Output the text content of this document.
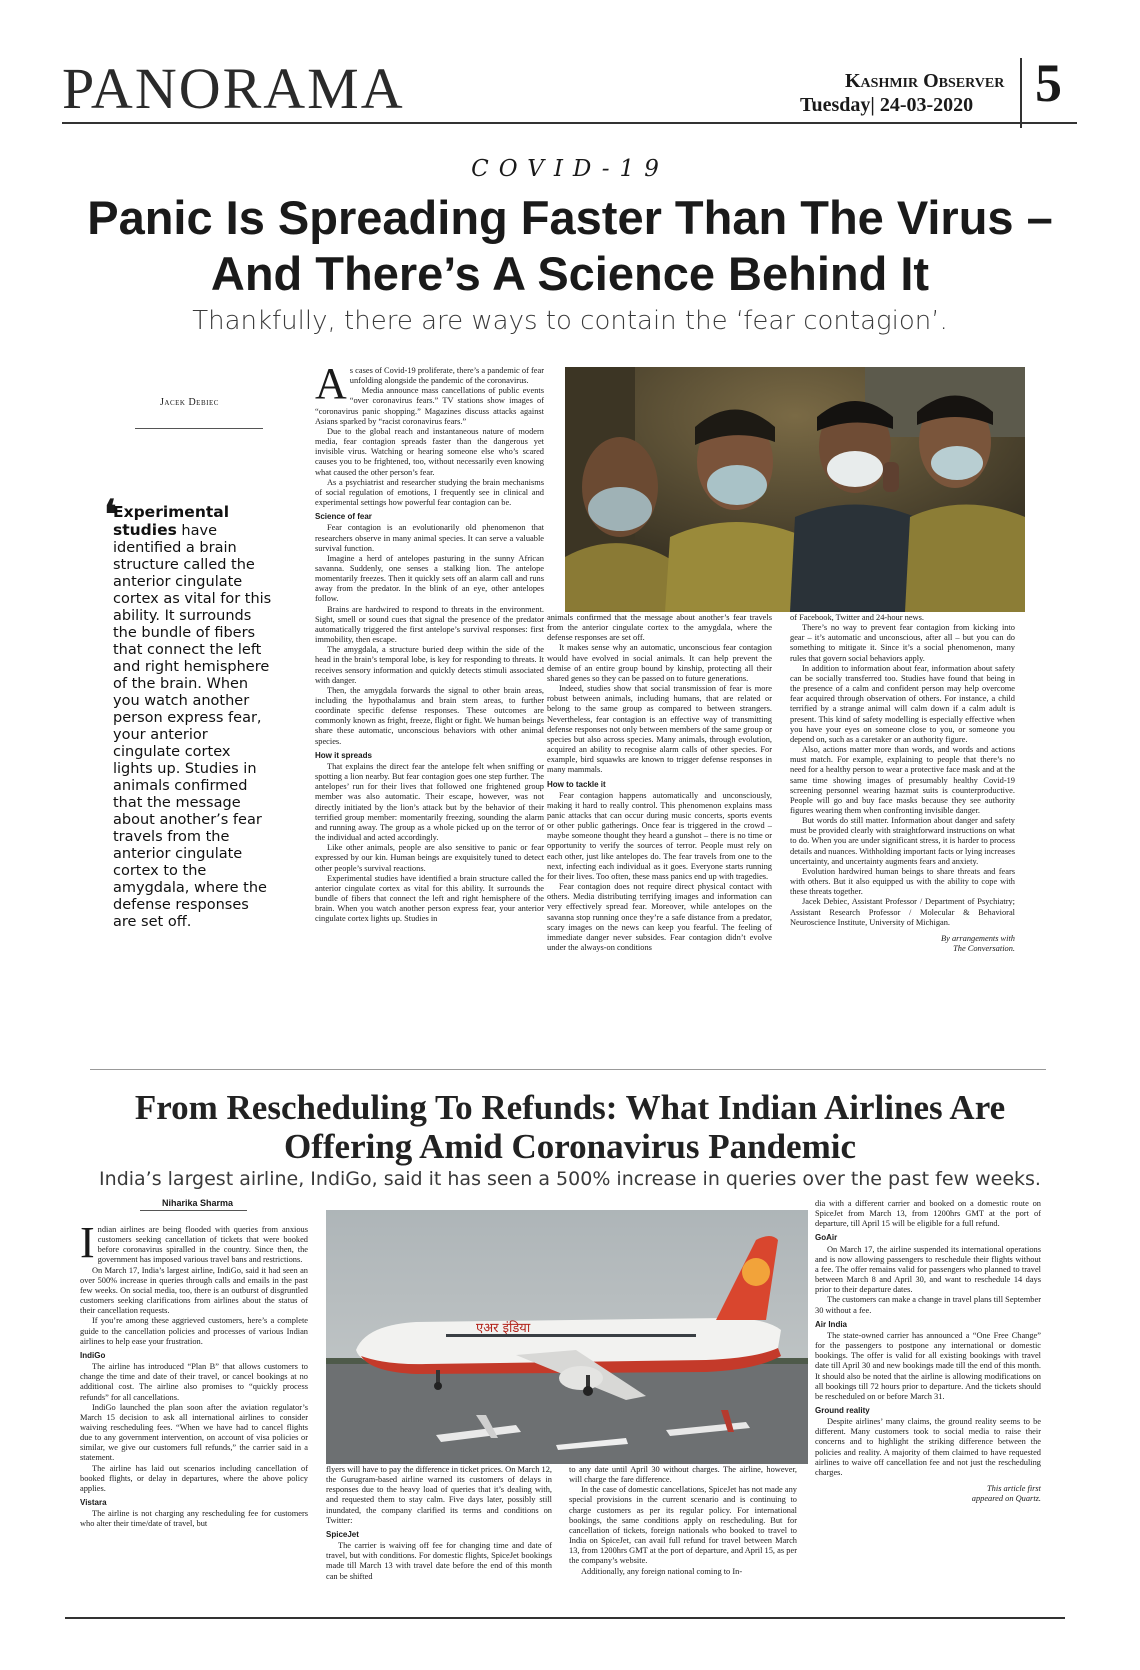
PANORAMA	Kashmir Observer
Tuesday| 24-03-2020 5
COVID-19
Panic Is Spreading Faster Than The Virus – And There’s A Science Behind It
Thankfully, there are ways to contain the ‘fear contagion’.
Jacek Debiec
❛
Experimental studies have identified a brain structure called the anterior cingulate cortex as vital for this ability. It surrounds the bundle of fibers that connect the left and right hemisphere of the brain. When you watch another person express fear, your anterior cingulate cortex lights up. Studies in animals confirmed that the message about another’s fear travels from the anterior cingulate cortex to the amygdala, where the defense responses are set off.

As cases of Covid-19 proliferate, there’s a pandemic of fear unfolding alongside the pandemic of the coronavirus.

Media announce mass cancellations of public events “over coronavirus fears.” TV stations show images of “coronavirus panic shopping.” Magazines discuss attacks against Asians sparked by “racist coronavirus fears.”

Due to the global reach and instantaneous nature of modern media, fear contagion spreads faster than the dangerous yet invisible virus. Watching or hearing someone else who’s scared causes you to be frightened, too, without necessarily even knowing what caused the other person’s fear.

As a psychiatrist and researcher studying the brain mechanisms of social regulation of emotions, I frequently see in clinical and experimental settings how powerful fear contagion can be.

Science of fear

Fear contagion is an evolutionarily old phenomenon that researchers observe in many animal species. It can serve a valuable survival function.

Imagine a herd of antelopes pasturing in the sunny African savanna. Suddenly, one senses a stalking lion. The antelope momentarily freezes. Then it quickly sets off an alarm call and runs away from the predator. In the blink of an eye, other antelopes follow.

Brains are hardwired to respond to threats in the environment. Sight, smell or sound cues that signal the presence of the predator automatically triggered the first antelope’s survival responses: first immobility, then escape.

The amygdala, a structure buried deep within the side of the head in the brain’s temporal lobe, is key for responding to threats. It receives sensory information and quickly detects stimuli associated with danger.

Then, the amygdala forwards the signal to other brain areas, including the hypothalamus and brain stem areas, to further coordinate specific defense responses. These outcomes are commonly known as fright, freeze, flight or fight. We human beings share these automatic, unconscious behaviors with other animal species.

How it spreads

That explains the direct fear the antelope felt when sniffing or spotting a lion nearby. But fear contagion goes one step further. The antelopes’ run for their lives that followed one frightened group member was also automatic. Their escape, however, was not directly initiated by the lion’s attack but by the behavior of their terrified group member: momentarily freezing, sounding the alarm and running away. The group as a whole picked up on the terror of the individual and acted accordingly.

Like other animals, people are also sensitive to panic or fear expressed by our kin. Human beings are exquisitely tuned to detect other people’s survival reactions.

Experimental studies have identified a brain structure called the anterior cingulate cortex as vital for this ability. It surrounds the bundle of fibers that connect the left and right hemisphere of the brain. When you watch another person express fear, your anterior cingulate cortex lights up. Studies in

animals confirmed that the message about another’s fear travels from the anterior cingulate cortex to the amygdala, where the defense responses are set off.

It makes sense why an automatic, unconscious fear contagion would have evolved in social animals. It can help prevent the demise of an entire group bound by kinship, protecting all their shared genes so they can be passed on to future generations.

Indeed, studies show that social transmission of fear is more robust between animals, including humans, that are related or belong to the same group as compared to between strangers. Nevertheless, fear contagion is an effective way of transmitting defense responses not only between members of the same group or species but also across species. Many animals, through evolution, acquired an ability to recognise alarm calls of other species. For example, bird squawks are known to trigger defense responses in many mammals.

How to tackle it

Fear contagion happens automatically and unconsciously, making it hard to really control. This phenomenon explains mass panic attacks that can occur during music concerts, sports events or other public gatherings. Once fear is triggered in the crowd – maybe someone thought they heard a gunshot – there is no time or opportunity to verify the sources of terror. People must rely on each other, just like antelopes do. The fear travels from one to the next, infecting each individual as it goes. Everyone starts running for their lives. Too often, these mass panics end up with tragedies.

Fear contagion does not require direct physical contact with others. Media distributing terrifying images and information can very effectively spread fear. Moreover, while antelopes on the savanna stop running once they’re a safe distance from a predator, scary images on the news can keep you fearful. The feeling of immediate danger never subsides. Fear contagion didn’t evolve under the always-on conditions

of Facebook, Twitter and 24-hour news.

There’s no way to prevent fear contagion from kicking into gear – it’s automatic and unconscious, after all – but you can do something to mitigate it. Since it’s a social phenomenon, many rules that govern social behaviors apply.

In addition to information about fear, information about safety can be socially transferred too. Studies have found that being in the presence of a calm and confident person may help overcome fear acquired through observation of others. For instance, a child terrified by a strange animal will calm down if a calm adult is present. This kind of safety modelling is especially effective when you have your eyes on someone close to you, or someone you depend on, such as a caretaker or an authority figure.

Also, actions matter more than words, and words and actions must match. For example, explaining to people that there’s no need for a healthy person to wear a protective face mask and at the same time showing images of presumably healthy Covid-19 screening personnel wearing hazmat suits is counterproductive. People will go and buy face masks because they see authority figures wearing them when confronting invisible danger.

But words do still matter. Information about danger and safety must be provided clearly with straightforward instructions on what to do. When you are under significant stress, it is harder to process details and nuances. Withholding important facts or lying increases uncertainty, and uncertainty augments fears and anxiety.

Evolution hardwired human beings to share threats and fears with others. But it also equipped us with the ability to cope with these threats together.

Jacek Debiec, Assistant Professor / Department of Psychiatry; Assistant Research Professor / Molecular & Behavioral Neuroscience Institute, University of Michigan.

By arrangements with
The Conversation.

From Rescheduling To Refunds: What Indian Airlines Are Offering Amid Coronavirus Pandemic
India’s largest airline, IndiGo, said it has seen a 500% increase in queries over the past few weeks.
Niharika Sharma

Indian airlines are being flooded with queries from anxious customers seeking cancellation of tickets that were booked before coronavirus spiralled in the country. Since then, the government has imposed various travel bans and restrictions.

On March 17, India’s largest airline, IndiGo, said it had seen an over 500% increase in queries through calls and emails in the past few weeks. On social media, too, there is an outburst of disgruntled customers seeking clarifications from airlines about the status of their cancellation requests.

If you’re among these aggrieved customers, here’s a complete guide to the cancellation policies and processes of various Indian airlines to help ease your frustration.

IndiGo

The airline has introduced “Plan B” that allows customers to change the time and date of their travel, or cancel bookings at no additional cost. The airline also promises to “quickly process refunds” for all cancellations.

IndiGo launched the plan soon after the aviation regulator’s March 15 decision to ask all international airlines to consider waiving rescheduling fees. “When we have had to cancel flights due to any government intervention, on account of visa policies or similar, we give our customers full refunds,” the carrier said in a statement.

The airline has laid out scenarios including cancellation of booked flights, or delay in departures, where the above policy applies.

Vistara

The airline is not charging any rescheduling fee for customers who alter their time/date of travel, but

एअर इंडिया

flyers will have to pay the difference in ticket prices. On March 12, the Gurugram-based airline warned its customers of delays in responses due to the heavy load of queries that it’s dealing with, and requested them to stay calm. Five days later, possibly still inundated, the company clarified its terms and conditions on Twitter:

SpiceJet

The carrier is waiving off fee for changing time and date of travel, but with conditions. For domestic flights, SpiceJet bookings made till March 13 with travel date before the end of this month can be shifted

to any date until April 30 without charges. The airline, however, will charge the fare difference.

In the case of domestic cancellations, SpiceJet has not made any special provisions in the current scenario and is continuing to charge customers as per its regular policy. For international bookings, the same conditions apply on rescheduling. But for cancellation of tickets, foreign nationals who booked to travel to India on SpiceJet, can avail full refund for travel between March 13, from 1200hrs GMT at the port of departure, and April 15, as per the company’s website.

Additionally, any foreign national coming to In-

dia with a different carrier and booked on a domestic route on SpiceJet from March 13, from 1200hrs GMT at the port of departure, till April 15 will be eligible for a full refund.

GoAir

On March 17, the airline suspended its international operations and is now allowing passengers to reschedule their flights without a fee. The offer remains valid for passengers who planned to travel between March 8 and April 30, and want to reschedule 14 days prior to their departure dates.

The customers can make a change in travel plans till September 30 without a fee.

Air India

The state-owned carrier has announced a “One Free Change” for the passengers to postpone any international or domestic bookings. The offer is valid for all existing bookings with travel date till April 30 and new bookings made till the end of this month. It should also be noted that the airline is allowing modifications on all bookings till 72 hours prior to departure. And the tickets should be rescheduled on or before March 31.

Ground reality

Despite airlines’ many claims, the ground reality seems to be different. Many customers took to social media to raise their concerns and to highlight the striking difference between the policies and reality. A majority of them claimed to have requested airlines to waive off cancellation fee and not just the rescheduling charges.

This article first
appeared on Quartz.
